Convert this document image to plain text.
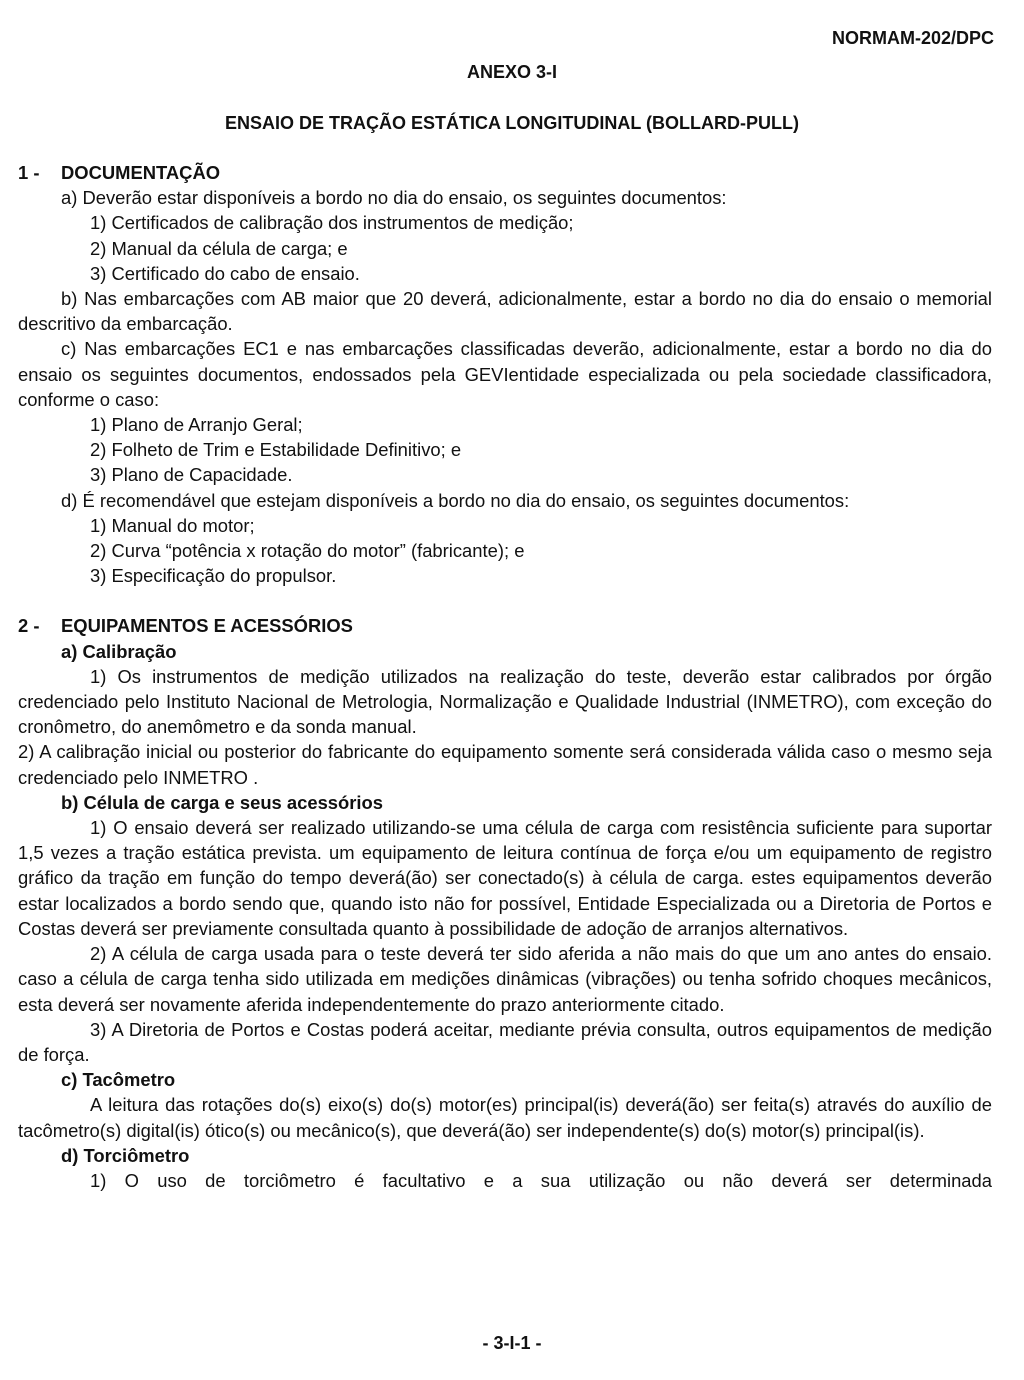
NORMAM-202/DPC
ANEXO 3-I
ENSAIO DE TRAÇÃO ESTÁTICA LONGITUDINAL (BOLLARD-PULL)
1 -	DOCUMENTAÇÃO

a) Deverão estar disponíveis a bordo no dia do ensaio, os seguintes documentos:

1) Certificados de calibração dos instrumentos de medição;

2) Manual da célula de carga; e

3) Certificado do cabo de ensaio.

b) Nas embarcações com AB maior que 20 deverá, adicionalmente, estar a bordo no dia do ensaio o memorial descritivo da embarcação.

c) Nas embarcações EC1 e nas embarcações classificadas deverão, adicionalmente, estar a bordo no dia do ensaio os seguintes documentos, endossados pela GEVIentidade especializada ou pela sociedade classificadora, conforme o caso:

1) Plano de Arranjo Geral;

2) Folheto de Trim e Estabilidade Definitivo; e

3) Plano de Capacidade.

d) É recomendável que estejam disponíveis a bordo no dia do ensaio, os seguintes documentos:

1) Manual do motor;

2) Curva “potência x rotação do motor” (fabricante); e

3) Especificação do propulsor.

2 -	EQUIPAMENTOS E ACESSÓRIOS

a) Calibração

1) Os instrumentos de medição utilizados na realização do teste, deverão estar calibrados por órgão credenciado pelo Instituto Nacional de Metrologia, Normalização e Qualidade Industrial (INMETRO), com exceção do cronômetro, do anemômetro e da sonda manual.

2) A calibração inicial ou posterior do fabricante do equipamento somente será considerada válida caso o mesmo seja credenciado pelo INMETRO .

b) Célula de carga e seus acessórios

1) O ensaio deverá ser realizado utilizando-se uma célula de carga com resistência suficiente para suportar 1,5 vezes a tração estática prevista. um equipamento de leitura contínua de força e/ou um equipamento de registro gráfico da tração em função do tempo deverá(ão) ser conectado(s) à célula de carga. estes equipamentos deverão estar localizados a bordo sendo que, quando isto não for possível, Entidade Especializada ou a Diretoria de Portos e Costas deverá ser previamente consultada quanto à possibilidade de adoção de arranjos alternativos.

2) A célula de carga usada para o teste deverá ter sido aferida a não mais do que um ano antes do ensaio. caso a célula de carga tenha sido utilizada em medições dinâmicas (vibrações) ou tenha sofrido choques mecânicos, esta deverá ser novamente aferida independentemente do prazo anteriormente citado.

3) A Diretoria de Portos e Costas poderá aceitar, mediante prévia consulta, outros equipamentos de medição de força.

c) Tacômetro

A leitura das rotações do(s) eixo(s) do(s) motor(es) principal(is) deverá(ão) ser feita(s) através do auxílio de tacômetro(s) digital(is) ótico(s) ou mecânico(s), que deverá(ão) ser independente(s) do(s) motor(s) principal(is).

d) Torciômetro

1) O uso de torciômetro é facultativo e a sua utilização ou não deverá ser determinada

- 3-I-1 -
